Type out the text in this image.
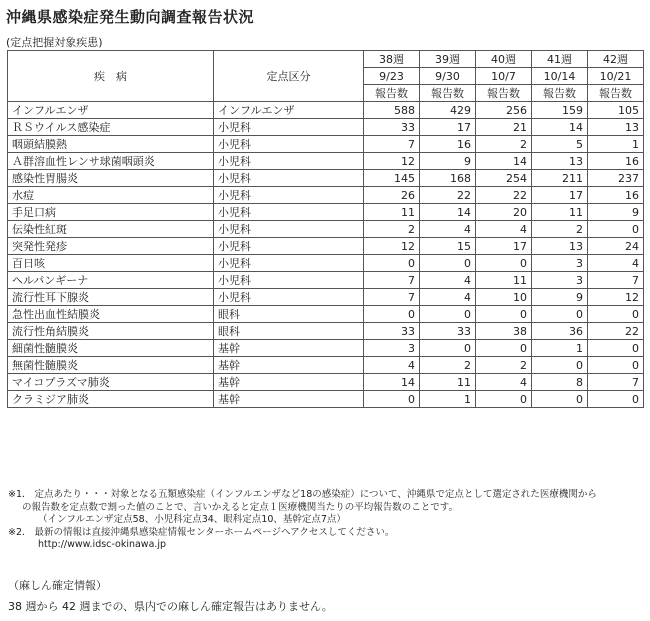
沖縄県感染症発生動向調査報告状況
(定点把握対象疾患)
疾　病	定点区分	38週	39週	40週	41週	42週
		9/23	9/30	10/7	10/14	10/21
		報告数	報告数	報告数	報告数	報告数
インフルエンザ	インフルエンザ	588	429	256	159	105
ＲＳウイルス感染症	小児科	33	17	21	14	13
咽頭結膜熱	小児科	7	16	2	5	1
Ａ群溶血性レンサ球菌咽頭炎	小児科	12	9	14	13	16
感染性胃腸炎	小児科	145	168	254	211	237
水痘	小児科	26	22	22	17	16
手足口病	小児科	11	14	20	11	9
伝染性紅斑	小児科	2	4	4	2	0
突発性発疹	小児科	12	15	17	13	24
百日咳	小児科	0	0	0	3	4
ヘルパンギーナ	小児科	7	4	11	3	7
流行性耳下腺炎	小児科	7	4	10	9	12
急性出血性結膜炎	眼科	0	0	0	0	0
流行性角結膜炎	眼科	33	33	38	36	22
細菌性髄膜炎	基幹	3	0	0	1	0
無菌性髄膜炎	基幹	4	2	2	0	0
マイコプラズマ肺炎	基幹	14	11	4	8	7
クラミジア肺炎	基幹	0	1	0	0	0
※1． 定点あたり・・・対象となる五類感染症（インフルエンザなど18の感染症）について、沖縄県で定点として選定された医療機関から
の報告数を定点数で割った値のことで、言いかえると定点１医療機関当たりの平均報告数のことです。
（インフルエンザ定点58、小児科定点34、眼科定点10、基幹定点7点）
※2． 最新の情報は直接沖縄県感染症情報センターホームページへアクセスしてください。
http://www.idsc-okinawa.jp
（麻しん確定情報）
38 週から 42 週までの、県内での麻しん確定報告はありません。
